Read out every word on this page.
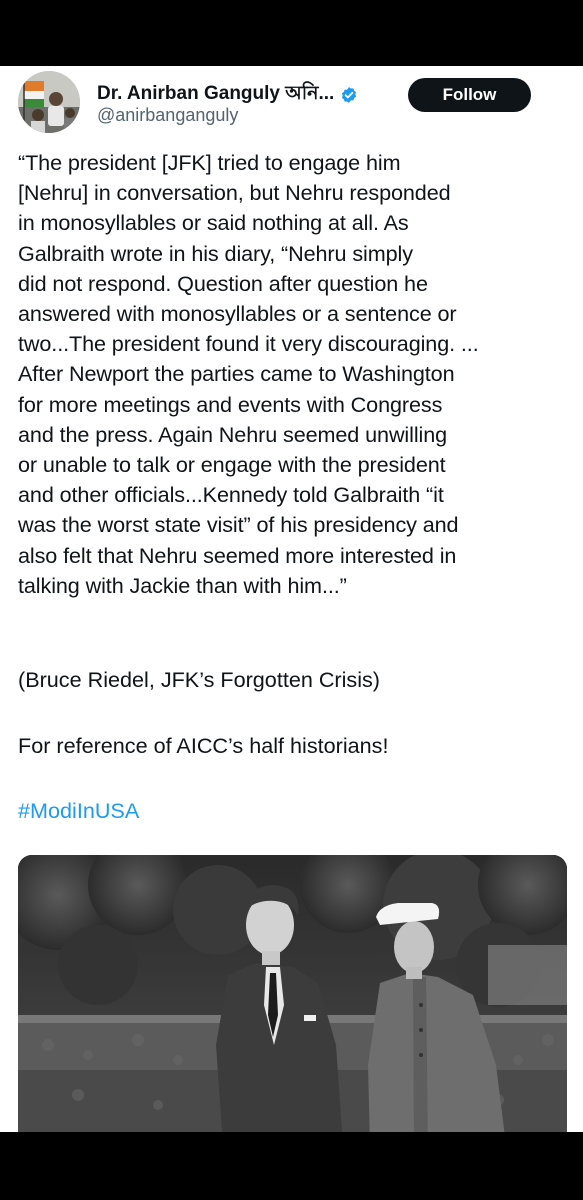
Dr. Anirban Ganguly অনি...
@anirbanganguly
Follow
“The president [JFK] tried to engage him
[Nehru] in conversation, but Nehru responded
in monosyllables or said nothing at all. As
Galbraith wrote in his diary, “Nehru simply
did not respond. Question after question he
answered with monosyllables or a sentence or
two...The president found it very discouraging. ...
After Newport the parties came to Washington
for more meetings and events with Congress
and the press. Again Nehru seemed unwilling
or unable to talk or engage with the president
and other officials...Kennedy told Galbraith “it
was the worst state visit” of his presidency and
also felt that Nehru seemed more interested in
talking with Jackie than with him...”
(Bruce Riedel, JFK’s Forgotten Crisis)
For reference of AICC’s half historians!
#ModiInUSA
